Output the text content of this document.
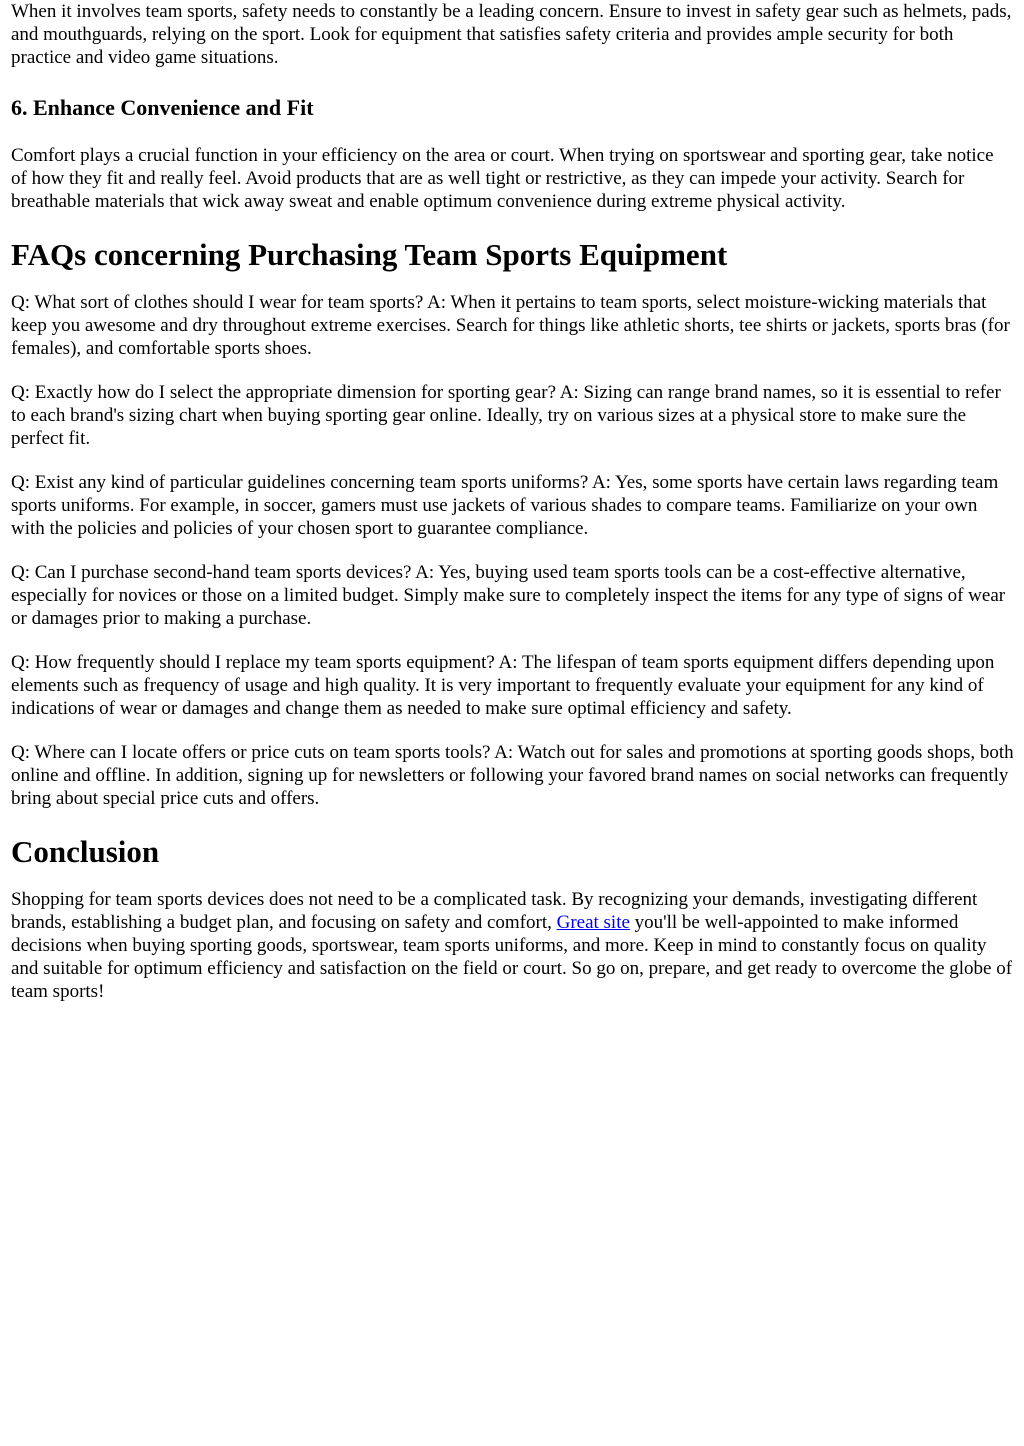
When it involves team sports, safety needs to constantly be a leading concern. Ensure to invest in safety gear such as helmets, pads, and mouthguards, relying on the sport. Look for equipment that satisfies safety criteria and provides ample security for both practice and video game situations.

6. Enhance Convenience and Fit

Comfort plays a crucial function in your efficiency on the area or court. When trying on sportswear and sporting gear, take notice of how they fit and really feel. Avoid products that are as well tight or restrictive, as they can impede your activity. Search for breathable materials that wick away sweat and enable optimum convenience during extreme physical activity.

FAQs concerning Purchasing Team Sports Equipment

Q: What sort of clothes should I wear for team sports? A: When it pertains to team sports, select moisture-wicking materials that keep you awesome and dry throughout extreme exercises. Search for things like athletic shorts, tee shirts or jackets, sports bras (for females), and comfortable sports shoes.

Q: Exactly how do I select the appropriate dimension for sporting gear? A: Sizing can range brand names, so it is essential to refer to each brand's sizing chart when buying sporting gear online. Ideally, try on various sizes at a physical store to make sure the perfect fit.

Q: Exist any kind of particular guidelines concerning team sports uniforms? A: Yes, some sports have certain laws regarding team sports uniforms. For example, in soccer, gamers must use jackets of various shades to compare teams. Familiarize on your own with the policies and policies of your chosen sport to guarantee compliance.

Q: Can I purchase second-hand team sports devices? A: Yes, buying used team sports tools can be a cost-effective alternative, especially for novices or those on a limited budget. Simply make sure to completely inspect the items for any type of signs of wear or damages prior to making a purchase.

Q: How frequently should I replace my team sports equipment? A: The lifespan of team sports equipment differs depending upon elements such as frequency of usage and high quality. It is very important to frequently evaluate your equipment for any kind of indications of wear or damages and change them as needed to make sure optimal efficiency and safety.

Q: Where can I locate offers or price cuts on team sports tools? A: Watch out for sales and promotions at sporting goods shops, both online and offline. In addition, signing up for newsletters or following your favored brand names on social networks can frequently bring about special price cuts and offers.

Conclusion

Shopping for team sports devices does not need to be a complicated task. By recognizing your demands, investigating different brands, establishing a budget plan, and focusing on safety and comfort, Great site you'll be well-appointed to make informed decisions when buying sporting goods, sportswear, team sports uniforms, and more. Keep in mind to constantly focus on quality and suitable for optimum efficiency and satisfaction on the field or court. So go on, prepare, and get ready to overcome the globe of team sports!
